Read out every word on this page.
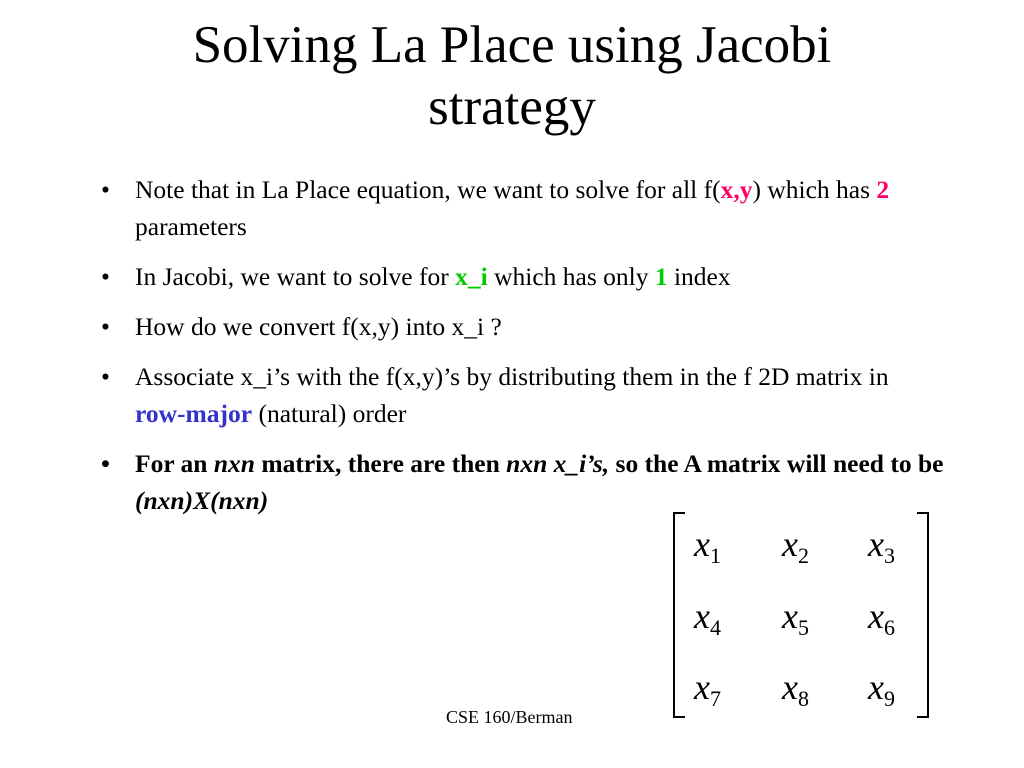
Solving La Place using Jacobi
strategy
• Note that in La Place equation, we want to solve for all f(x,y) which has 2 parameters
• In Jacobi, we want to solve for x_i which has only 1 index
• How do we convert f(x,y) into x_i ?
• Associate x_i’s with the f(x,y)’s by distributing them in the f 2D matrix in row-major (natural) order
• For an nxn matrix, there are then nxn x_i’s, so the A matrix will need to be (nxn)X(nxn)
$x_1$ $x_2$ $x_3$
$x_4$ $x_5$ $x_6$
$x_7$ $x_8$ $x_9$
CSE 160/Berman
